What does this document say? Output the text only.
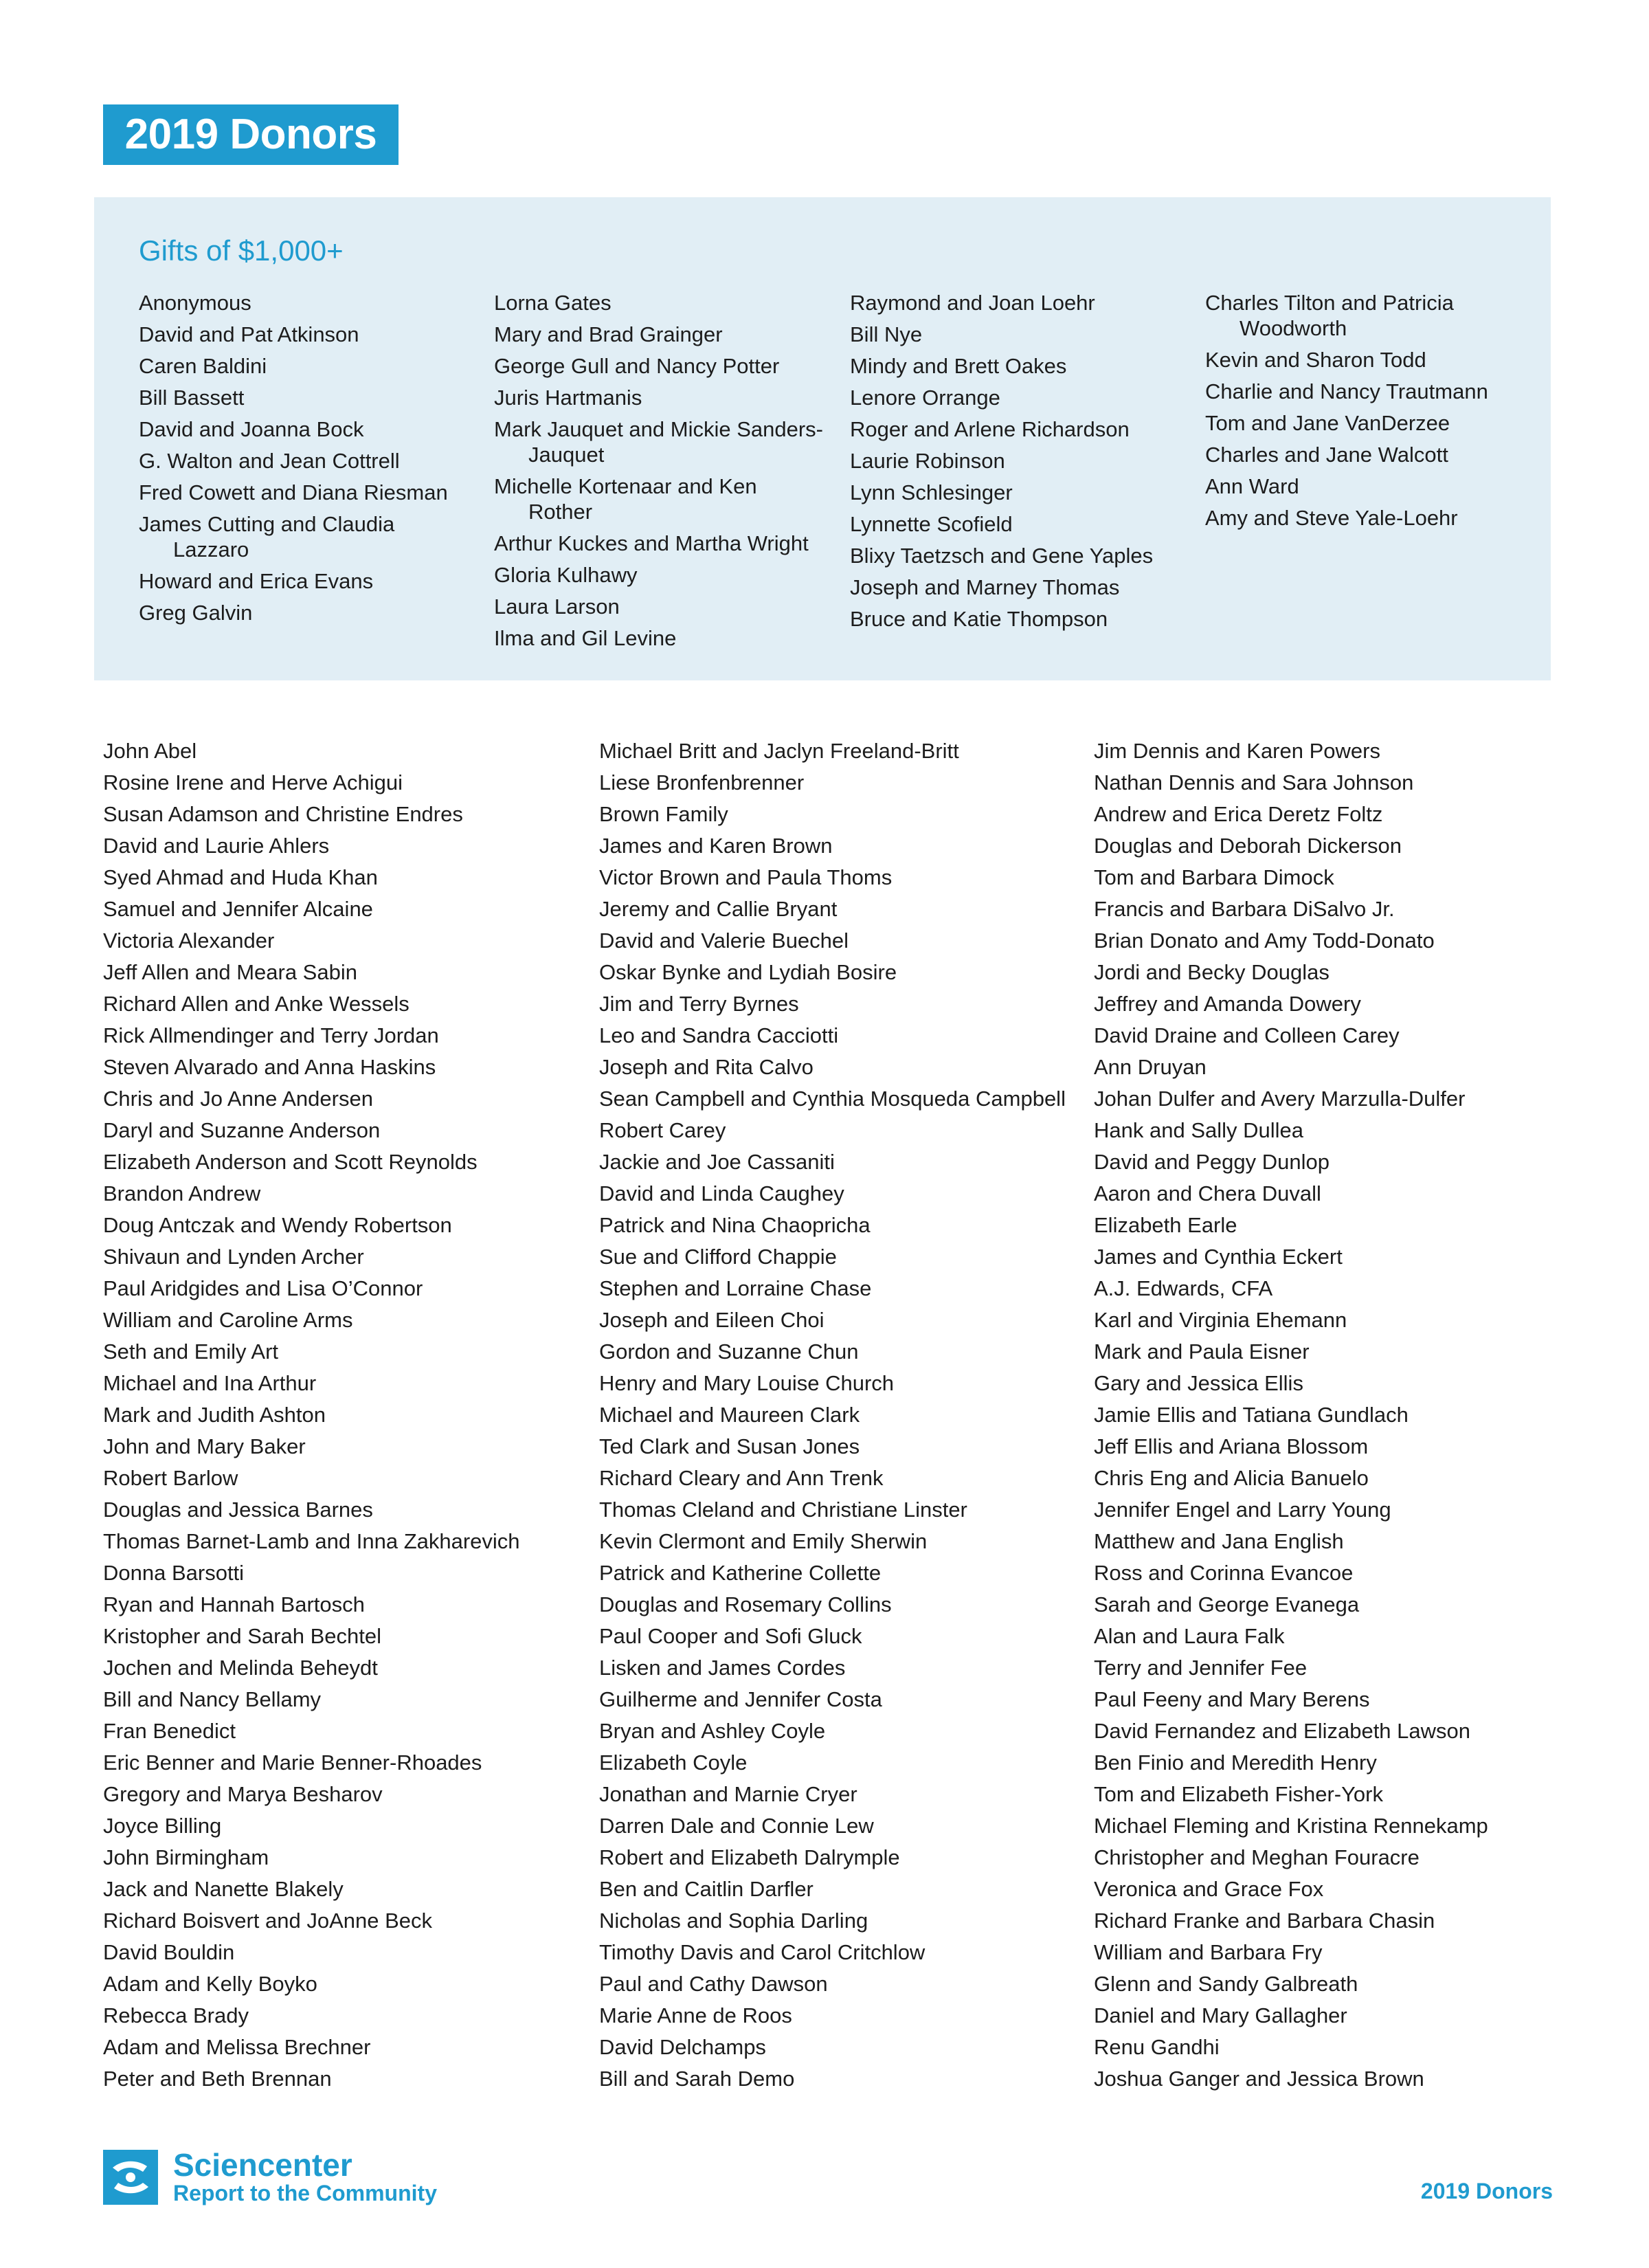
2019 Donors
Gifts of $1,000+
Anonymous
David and Pat Atkinson
Caren Baldini
Bill Bassett
David and Joanna Bock
G. Walton and Jean Cottrell
Fred Cowett and Diana Riesman
James Cutting and Claudia Lazzaro
Howard and Erica Evans
Greg Galvin
Lorna Gates
Mary and Brad Grainger
George Gull and Nancy Potter
Juris Hartmanis
Mark Jauquet and Mickie Sanders-Jauquet
Michelle Kortenaar and Ken Rother
Arthur Kuckes and Martha Wright
Gloria Kulhawy
Laura Larson
Ilma and Gil Levine
Raymond and Joan Loehr
Bill Nye
Mindy and Brett Oakes
Lenore Orrange
Roger and Arlene Richardson
Laurie Robinson
Lynn Schlesinger
Lynnette Scofield
Blixy Taetzsch and Gene Yaples
Joseph and Marney Thomas
Bruce and Katie Thompson
Charles Tilton and Patricia Woodworth
Kevin and Sharon Todd
Charlie and Nancy Trautmann
Tom and Jane VanDerzee
Charles and Jane Walcott
Ann Ward
Amy and Steve Yale-Loehr
John Abel
Rosine Irene and Herve Achigui
Susan Adamson and Christine Endres
David and Laurie Ahlers
Syed Ahmad and Huda Khan
Samuel and Jennifer Alcaine
Victoria Alexander
Jeff Allen and Meara Sabin
Richard Allen and Anke Wessels
Rick Allmendinger and Terry Jordan
Steven Alvarado and Anna Haskins
Chris and Jo Anne Andersen
Daryl and Suzanne Anderson
Elizabeth Anderson and Scott Reynolds
Brandon Andrew
Doug Antczak and Wendy Robertson
Shivaun and Lynden Archer
Paul Aridgides and Lisa O’Connor
William and Caroline Arms
Seth and Emily Art
Michael and Ina Arthur
Mark and Judith Ashton
John and Mary Baker
Robert Barlow
Douglas and Jessica Barnes
Thomas Barnet-Lamb and Inna Zakharevich
Donna Barsotti
Ryan and Hannah Bartosch
Kristopher and Sarah Bechtel
Jochen and Melinda Beheydt
Bill and Nancy Bellamy
Fran Benedict
Eric Benner and Marie Benner-Rhoades
Gregory and Marya Besharov
Joyce Billing
John Birmingham
Jack and Nanette Blakely
Richard Boisvert and JoAnne Beck
David Bouldin
Adam and Kelly Boyko
Rebecca Brady
Adam and Melissa Brechner
Peter and Beth Brennan
Michael Britt and Jaclyn Freeland-Britt
Liese Bronfenbrenner
Brown Family
James and Karen Brown
Victor Brown and Paula Thoms
Jeremy and Callie Bryant
David and Valerie Buechel
Oskar Bynke and Lydiah Bosire
Jim and Terry Byrnes
Leo and Sandra Cacciotti
Joseph and Rita Calvo
Sean Campbell and Cynthia Mosqueda Campbell
Robert Carey
Jackie and Joe Cassaniti
David and Linda Caughey
Patrick and Nina Chaopricha
Sue and Clifford Chappie
Stephen and Lorraine Chase
Joseph and Eileen Choi
Gordon and Suzanne Chun
Henry and Mary Louise Church
Michael and Maureen Clark
Ted Clark and Susan Jones
Richard Cleary and Ann Trenk
Thomas Cleland and Christiane Linster
Kevin Clermont and Emily Sherwin
Patrick and Katherine Collette
Douglas and Rosemary Collins
Paul Cooper and Sofi Gluck
Lisken and James Cordes
Guilherme and Jennifer Costa
Bryan and Ashley Coyle
Elizabeth Coyle
Jonathan and Marnie Cryer
Darren Dale and Connie Lew
Robert and Elizabeth Dalrymple
Ben and Caitlin Darfler
Nicholas and Sophia Darling
Timothy Davis and Carol Critchlow
Paul and Cathy Dawson
Marie Anne de Roos
David Delchamps
Bill and Sarah Demo
Jim Dennis and Karen Powers
Nathan Dennis and Sara Johnson
Andrew and Erica Deretz Foltz
Douglas and Deborah Dickerson
Tom and Barbara Dimock
Francis and Barbara DiSalvo Jr.
Brian Donato and Amy Todd-Donato
Jordi and Becky Douglas
Jeffrey and Amanda Dowery
David Draine and Colleen Carey
Ann Druyan
Johan Dulfer and Avery Marzulla-Dulfer
Hank and Sally Dullea
David and Peggy Dunlop
Aaron and Chera Duvall
Elizabeth Earle
James and Cynthia Eckert
A.J. Edwards, CFA
Karl and Virginia Ehemann
Mark and Paula Eisner
Gary and Jessica Ellis
Jamie Ellis and Tatiana Gundlach
Jeff Ellis and Ariana Blossom
Chris Eng and Alicia Banuelo
Jennifer Engel and Larry Young
Matthew and Jana English
Ross and Corinna Evancoe
Sarah and George Evanega
Alan and Laura Falk
Terry and Jennifer Fee
Paul Feeny and Mary Berens
David Fernandez and Elizabeth Lawson
Ben Finio and Meredith Henry
Tom and Elizabeth Fisher-York
Michael Fleming and Kristina Rennekamp
Christopher and Meghan Fouracre
Veronica and Grace Fox
Richard Franke and Barbara Chasin
William and Barbara Fry
Glenn and Sandy Galbreath
Daniel and Mary Gallagher
Renu Gandhi
Joshua Ganger and Jessica Brown
Sciencenter
Report to the Community	2019 Donors
